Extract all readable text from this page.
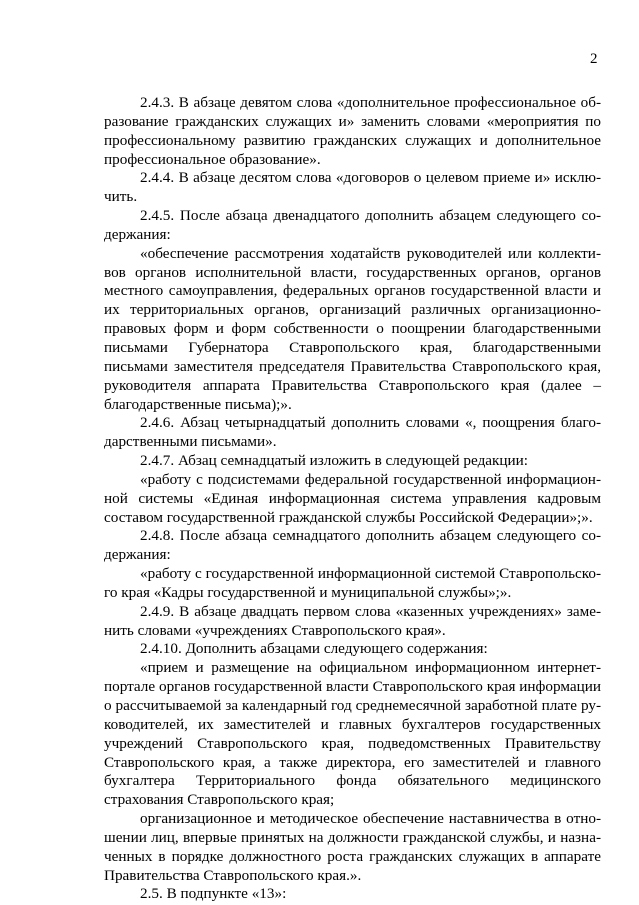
2

2.4.3. В абзаце девятом слова «дополнительное профессиональное образование гражданских служащих и» заменить словами «мероприятия по профессиональному развитию гражданских служащих и дополнительное профессиональное образование».

2.4.4. В абзаце десятом слова «договоров о целевом приеме и» исключить.

2.4.5. После абзаца двенадцатого дополнить абзацем следующего содержания:

«обеспечение рассмотрения ходатайств руководителей или коллективов органов исполнительной власти, государственных органов, органов местного самоуправления, федеральных органов государственной власти и их территориальных органов, организаций различных организационно-правовых форм и форм собственности о поощрении благодарственными письмами Губернатора Ставропольского края, благодарственными письмами заместителя председателя Правительства Ставропольского края, руководителя аппарата Правительства Ставропольского края (далее – благодарственные письма);».

2.4.6. Абзац четырнадцатый дополнить словами «, поощрения благодарственными письмами».

2.4.7. Абзац семнадцатый изложить в следующей редакции:

«работу с подсистемами федеральной государственной информационной системы «Единая информационная система управления кадровым составом государственной гражданской службы Российской Федерации»;».

2.4.8. После абзаца семнадцатого дополнить абзацем следующего содержания:

«работу с государственной информационной системой Ставропольского края «Кадры государственной и муниципальной службы»;».

2.4.9. В абзаце двадцать первом слова «казенных учреждениях» заменить словами «учреждениях Ставропольского края».

2.4.10. Дополнить абзацами следующего содержания:

«прием и размещение на официальном информационном интернет-портале органов государственной власти Ставропольского края информации о рассчитываемой за календарный год среднемесячной заработной плате руководителей, их заместителей и главных бухгалтеров государственных учреждений Ставропольского края, подведомственных Правительству Ставропольского края, а также директора, его заместителей и главного бухгалтера Территориального фонда обязательного медицинского страхования Ставропольского края;

организационное и методическое обеспечение наставничества в отношении лиц, впервые принятых на должности гражданской службы, и назначенных в порядке должностного роста гражданских служащих в аппарате Правительства Ставропольского края.».

2.5. В подпункте «13»:
